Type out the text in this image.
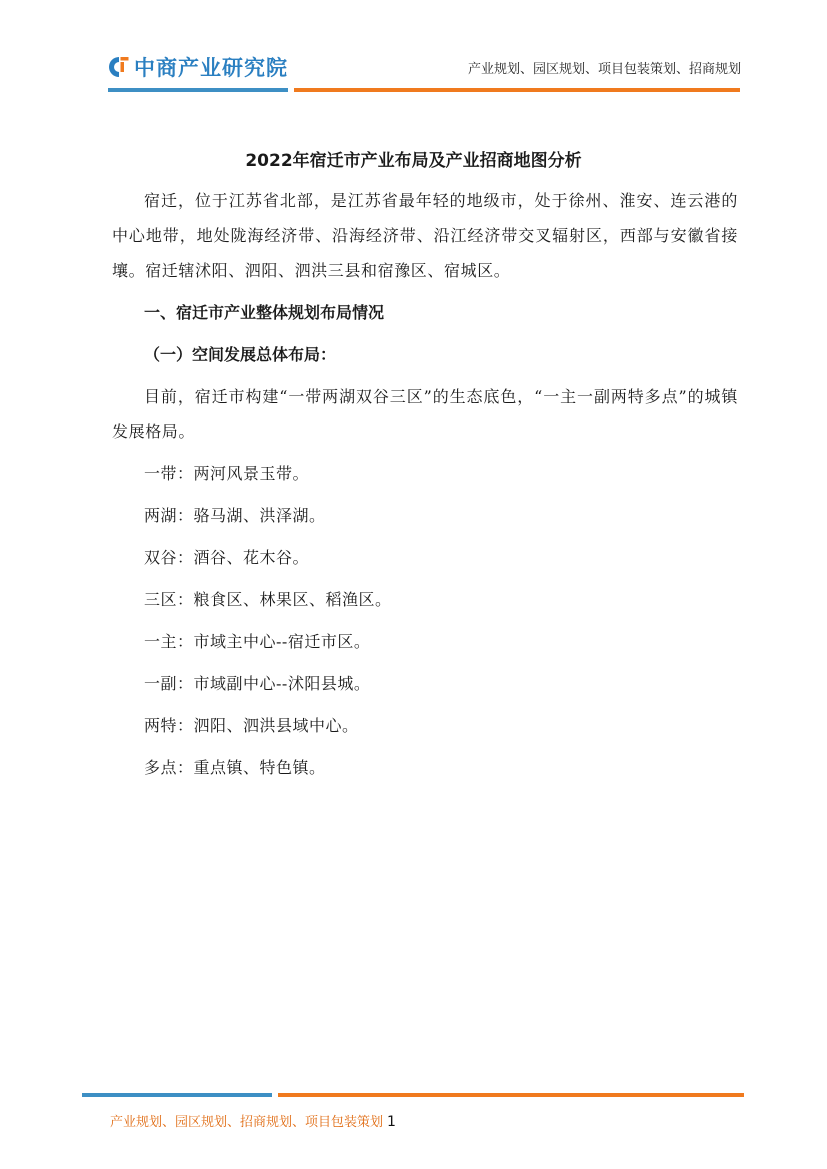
中商产业研究院	产业规划、园区规划、项目包装策划、招商规划
2022年宿迁市产业布局及产业招商地图分析

宿迁，位于江苏省北部，是江苏省最年轻的地级市，处于徐州、淮安、连云港的中心地带，地处陇海经济带、沿海经济带、沿江经济带交叉辐射区，西部与安徽省接壤。宿迁辖沭阳、泗阳、泗洪三县和宿豫区、宿城区。

一、宿迁市产业整体规划布局情况
（一）空间发展总体布局：

目前，宿迁市构建“一带两湖双谷三区”的生态底色，“一主一副两特多点”的城镇发展格局。

一带：两河风景玉带。
两湖：骆马湖、洪泽湖。
双谷：酒谷、花木谷。
三区：粮食区、林果区、稻渔区。
一主：市域主中心--宿迁市区。
一副：市域副中心--沭阳县城。
两特：泗阳、泗洪县域中心。
多点：重点镇、特色镇。
产业规划、园区规划、招商规划、项目包装策划 1
